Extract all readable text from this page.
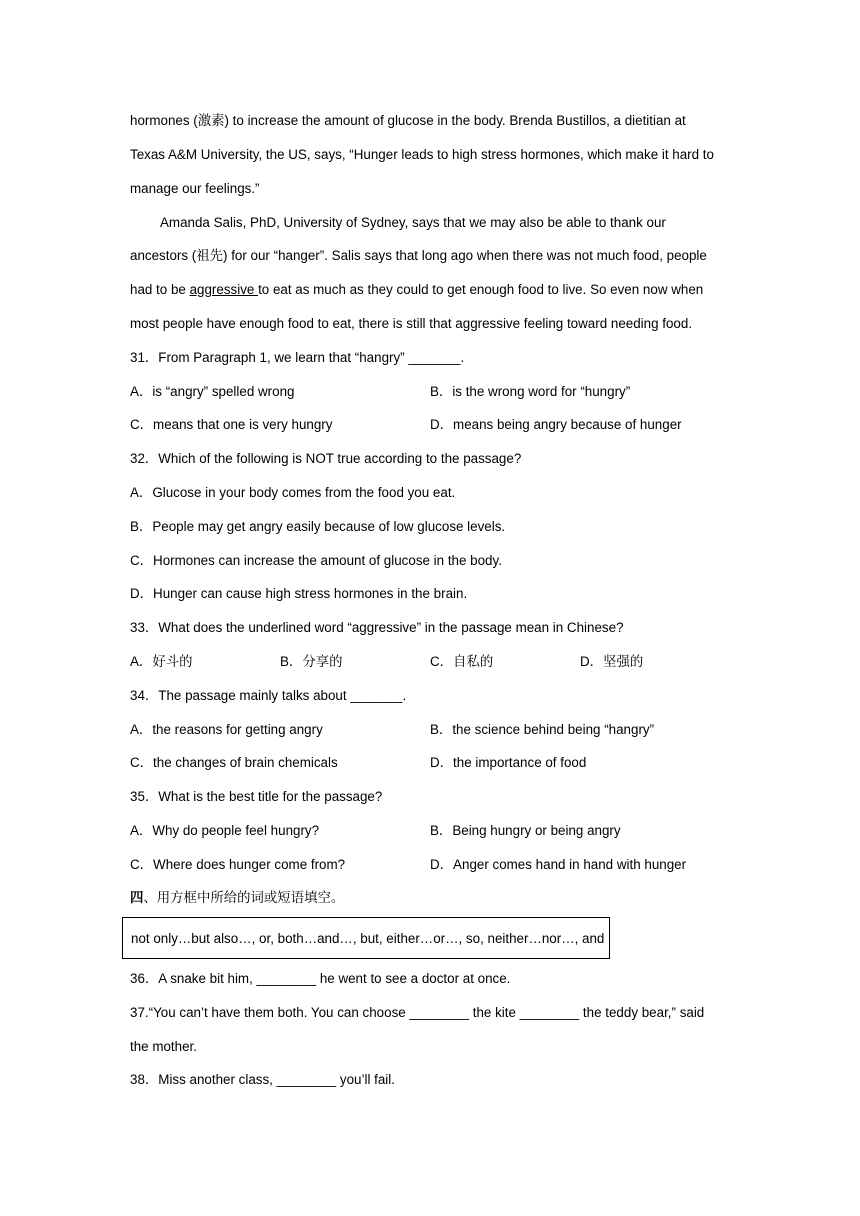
hormones (激素) to increase the amount of glucose in the body. Brenda Bustillos, a dietitian at
Texas A&M University, the US, says, “Hunger leads to high stress hormones, which make it hard to
manage our feelings.”
Amanda Salis, PhD, University of Sydney, says that we may also be able to thank our
ancestors (祖先) for our “hanger”. Salis says that long ago when there was not much food, people
had to be aggressive to eat as much as they could to get enough food to live. So even now when
most people have enough food to eat, there is still that aggressive feeling toward needing food.
31．From Paragraph 1, we learn that “hangry” _______.
A．is “angry” spelled wrong	B．is the wrong word for “hungry”
C．means that one is very hungry	D．means being angry because of hunger
32．Which of the following is NOT true according to the passage?
A．Glucose in your body comes from the food you eat.
B．People may get angry easily because of low glucose levels.
C．Hormones can increase the amount of glucose in the body.
D．Hunger can cause high stress hormones in the brain.
33．What does the underlined word “aggressive” in the passage mean in Chinese?
A．好斗的	B．分享的	C．自私的	D．坚强的
34．The passage mainly talks about _______.
A．the reasons for getting angry	B．the science behind being “hangry”
C．the changes of brain chemicals	D．the importance of food
35．What is the best title for the passage?
A．Why do people feel hungry?	B．Being hungry or being angry
C．Where does hunger come from?	D．Anger comes hand in hand with hunger
四、用方框中所给的词或短语填空。
not only…but also…, or, both…and…, but, either…or…, so, neither…nor…, and
36．A snake bit him, ________ he went to see a doctor at once.
37.“You can’t have them both. You can choose ________ the kite ________ the teddy bear,” said
the mother.
38．Miss another class, ________ you’ll fail.
